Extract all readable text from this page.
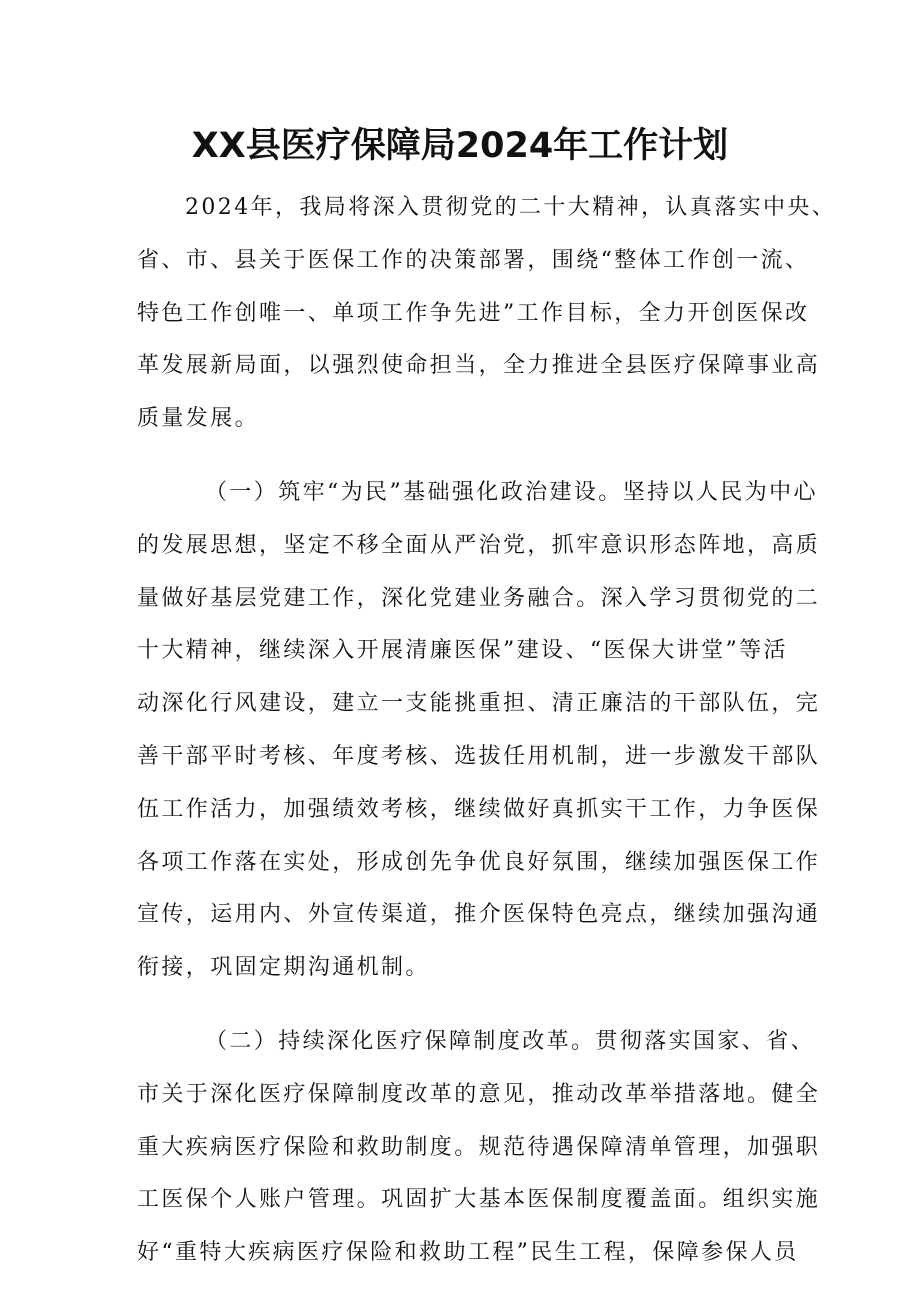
XX县医疗保障局2024年工作计划

2024年，我局将深入贯彻党的二十大精神，认真落实中央、
省、市、县关于医保工作的决策部署，围绕“整体工作创一流、
特色工作创唯一、单项工作争先进”工作目标，全力开创医保改
革发展新局面，以强烈使命担当，全力推进全县医疗保障事业高
质量发展。

（一）筑牢“为民”基础强化政治建设。坚持以人民为中心
的发展思想，坚定不移全面从严治党，抓牢意识形态阵地，高质
量做好基层党建工作，深化党建业务融合。深入学习贯彻党的二
十大精神，继续深入开展清廉医保”建设、“医保大讲堂”等活
动深化行风建设，建立一支能挑重担、清正廉洁的干部队伍，完
善干部平时考核、年度考核、选拔任用机制，进一步激发干部队
伍工作活力，加强绩效考核，继续做好真抓实干工作，力争医保
各项工作落在实处，形成创先争优良好氛围，继续加强医保工作
宣传，运用内、外宣传渠道，推介医保特色亮点，继续加强沟通
衔接，巩固定期沟通机制。

（二）持续深化医疗保障制度改革。贯彻落实国家、省、
市关于深化医疗保障制度改革的意见，推动改革举措落地。健全
重大疾病医疗保险和救助制度。规范待遇保障清单管理，加强职
工医保个人账户管理。巩固扩大基本医保制度覆盖面。组织实施
好“重特大疾病医疗保险和救助工程”民生工程，保障参保人员
